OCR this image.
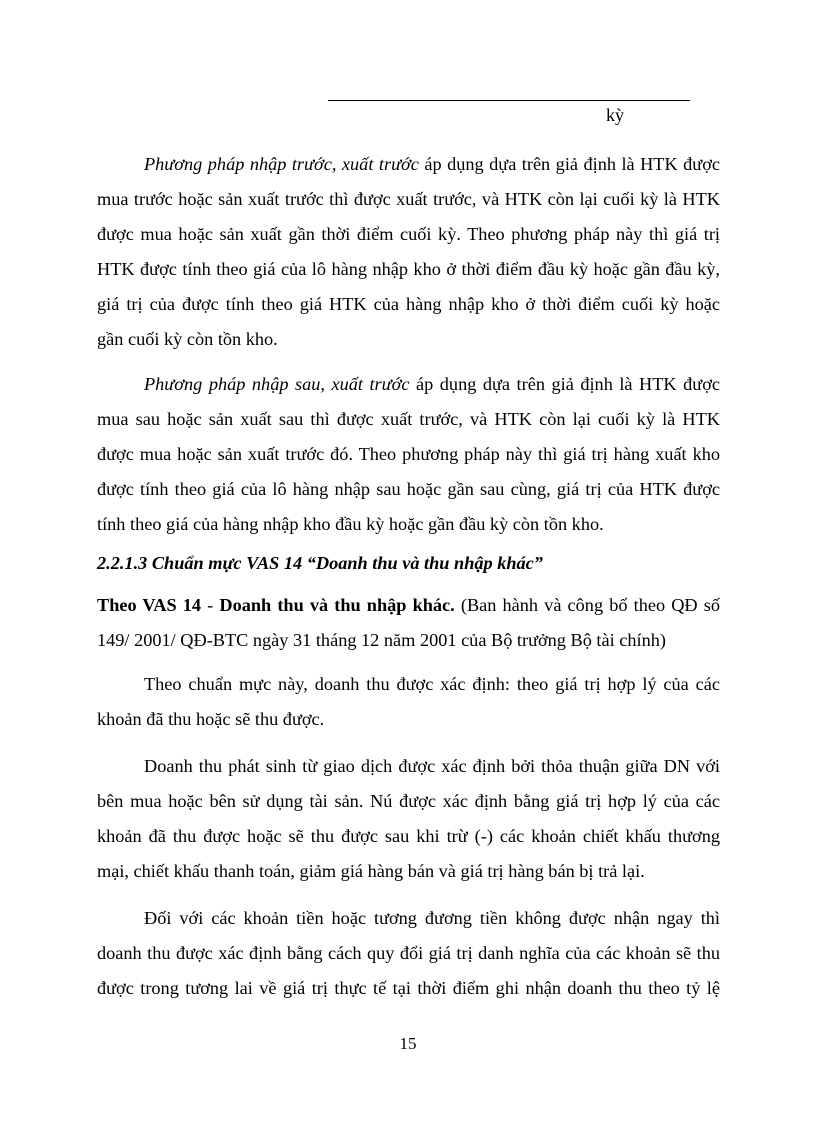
kỳ
Phương pháp nhập trước, xuất trước áp dụng dựa trên giả định là HTK được
mua trước hoặc sản xuất trước thì được xuất trước, và HTK còn lại cuối kỳ là HTK
được mua hoặc sản xuất gần thời điểm cuối kỳ. Theo phương pháp này thì giá trị
HTK được tính theo giá của lô hàng nhập kho ở thời điểm đầu kỳ hoặc gần đầu kỳ,
giá trị của được tính theo giá HTK của hàng nhập kho ở thời điểm cuối kỳ hoặc
gần cuối kỳ còn tồn kho.
Phương pháp nhập sau, xuất trước áp dụng dựa trên giả định là HTK được
mua sau hoặc sản xuất sau thì được xuất trước, và HTK còn lại cuối kỳ là HTK
được mua hoặc sản xuất trước đó. Theo phương pháp này thì giá trị hàng xuất kho
được tính theo giá của lô hàng nhập sau hoặc gần sau cùng, giá trị của HTK được
tính theo giá của hàng nhập kho đầu kỳ hoặc gần đầu kỳ còn tồn kho.
2.2.1.3 Chuẩn mực VAS 14 “Doanh thu và thu nhập khác”
Theo VAS 14 - Doanh thu và thu nhập khác. (Ban hành và công bố theo QĐ số
149/ 2001/ QĐ-BTC ngày 31 tháng 12 năm 2001 của Bộ trưởng Bộ tài chính)
Theo chuẩn mực này, doanh thu được xác định: theo giá trị hợp lý của các
khoản đã thu hoặc sẽ thu được.
Doanh thu phát sinh từ giao dịch được xác định bởi thỏa thuận giữa DN với
bên mua hoặc bên sử dụng tài sản. Nú được xác định bằng giá trị hợp lý của các
khoản đã thu được hoặc sẽ thu được sau khi trừ (-) các khoản chiết khấu thương
mại, chiết khấu thanh toán, giảm giá hàng bán và giá trị hàng bán bị trả lại.
Đối với các khoản tiền hoặc tương đương tiền không được nhận ngay thì
doanh thu được xác định bằng cách quy đổi giá trị danh nghĩa của các khoản sẽ thu
được trong tương lai về giá trị thực tế tại thời điểm ghi nhận doanh thu theo tỷ lệ
15
